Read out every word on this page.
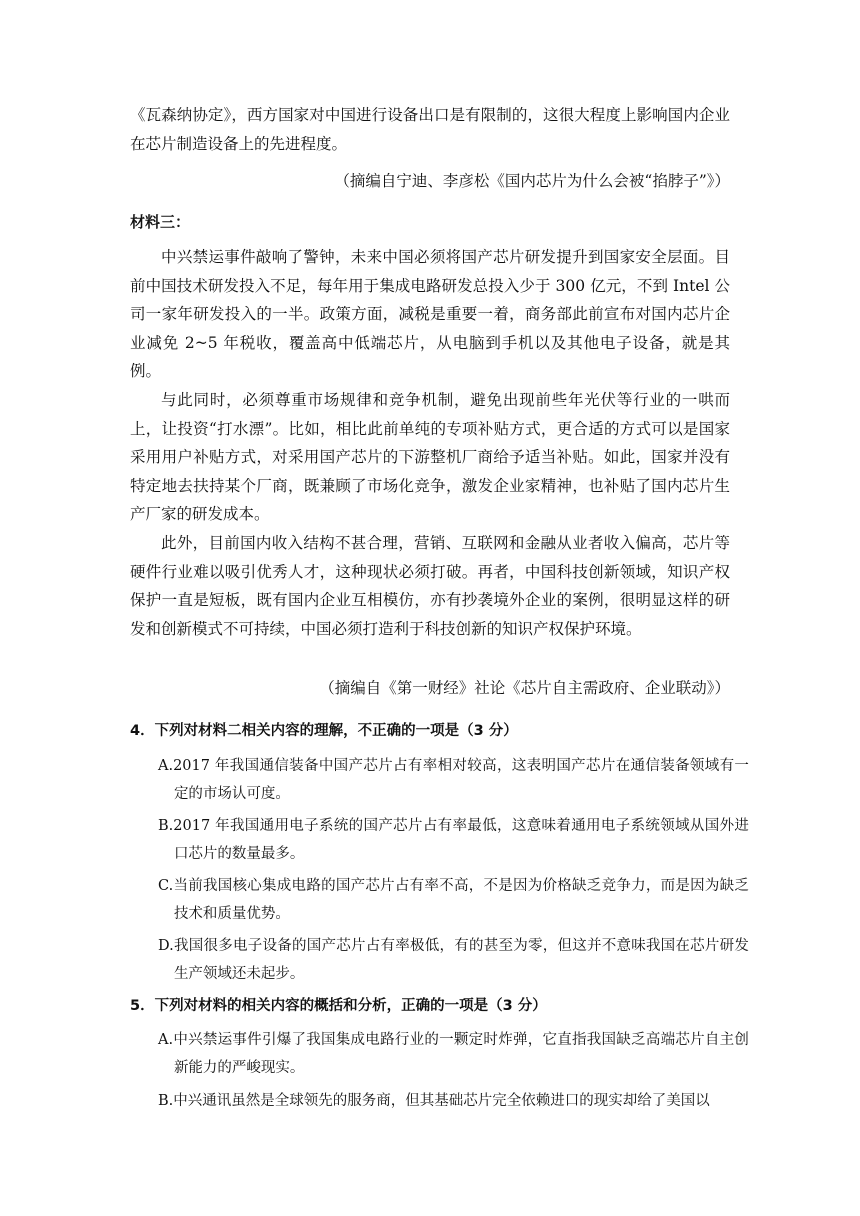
《瓦森纳协定》，西方国家对中国进行设备出口是有限制的，这很大程度上影响国内企业在芯片制造设备上的先进程度。

（摘编自宁迪、李彦松《国内芯片为什么会被“掐脖子”》）

材料三：

中兴禁运事件敲响了警钟，未来中国必须将国产芯片研发提升到国家安全层面。目前中国技术研发投入不足，每年用于集成电路研发总投入少于 300 亿元，不到 Intel 公司一家年研发投入的一半。政策方面，减税是重要一着，商务部此前宣布对国内芯片企业减免 2~5 年税收，覆盖高中低端芯片，从电脑到手机以及其他电子设备，就是其例。

与此同时，必须尊重市场规律和竞争机制，避免出现前些年光伏等行业的一哄而上，让投资“打水漂”。比如，相比此前单纯的专项补贴方式，更合适的方式可以是国家采用用户补贴方式，对采用国产芯片的下游整机厂商给予适当补贴。如此，国家并没有特定地去扶持某个厂商，既兼顾了市场化竞争，激发企业家精神，也补贴了国内芯片生产厂家的研发成本。

此外，目前国内收入结构不甚合理，营销、互联网和金融从业者收入偏高，芯片等硬件行业难以吸引优秀人才，这种现状必须打破。再者，中国科技创新领域，知识产权保护一直是短板，既有国内企业互相模仿，亦有抄袭境外企业的案例，很明显这样的研发和创新模式不可持续，中国必须打造利于科技创新的知识产权保护环境。

（摘编自《第一财经》社论《芯片自主需政府、企业联动》）

4．下列对材料二相关内容的理解，不正确的一项是（3 分）

A.2017 年我国通信装备中国产芯片占有率相对较高，这表明国产芯片在通信装备领域有一定的市场认可度。

B.2017 年我国通用电子系统的国产芯片占有率最低，这意味着通用电子系统领域从国外进口芯片的数量最多。

C.当前我国核心集成电路的国产芯片占有率不高，不是因为价格缺乏竞争力，而是因为缺乏技术和质量优势。

D.我国很多电子设备的国产芯片占有率极低，有的甚至为零，但这并不意味我国在芯片研发生产领域还未起步。

5．下列对材料的相关内容的概括和分析，正确的一项是（3 分）

A.中兴禁运事件引爆了我国集成电路行业的一颗定时炸弹，它直指我国缺乏高端芯片自主创新能力的严峻现实。

B.中兴通讯虽然是全球领先的服务商，但其基础芯片完全依赖进口的现实却给了美国以
